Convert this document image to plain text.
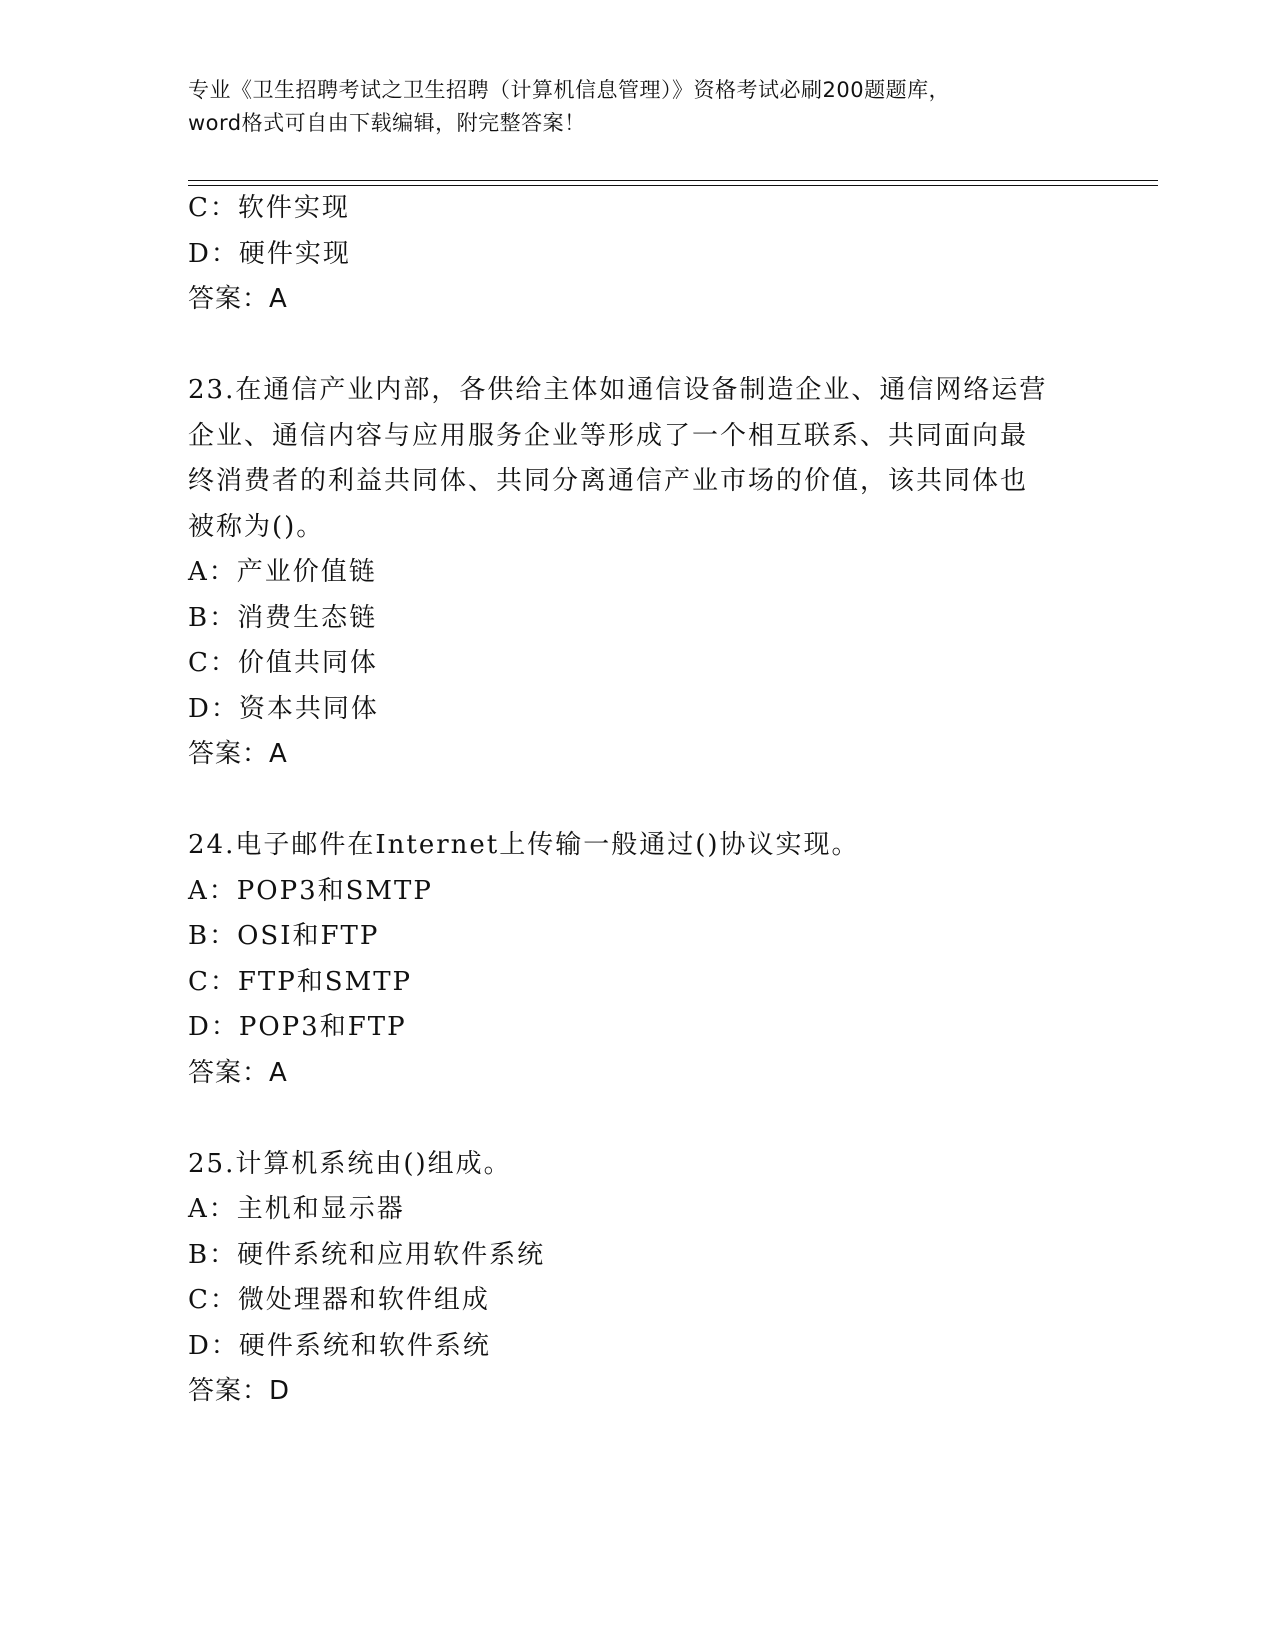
专业《卫生招聘考试之卫生招聘（计算机信息管理）》资格考试必刷200题题库，
word格式可自由下载编辑，附完整答案！
C：软件实现
D：硬件实现
答案：A
23.在通信产业内部，各供给主体如通信设备制造企业、通信网络运营
企业、通信内容与应用服务企业等形成了一个相互联系、共同面向最
终消费者的利益共同体、共同分离通信产业市场的价值，该共同体也
被称为()。
A：产业价值链
B：消费生态链
C：价值共同体
D：资本共同体
答案：A
24.电子邮件在Internet上传输一般通过()协议实现。
A：POP3和SMTP
B：OSI和FTP
C：FTP和SMTP
D：POP3和FTP
答案：A
25.计算机系统由()组成。
A：主机和显示器
B：硬件系统和应用软件系统
C：微处理器和软件组成
D：硬件系统和软件系统
答案：D
